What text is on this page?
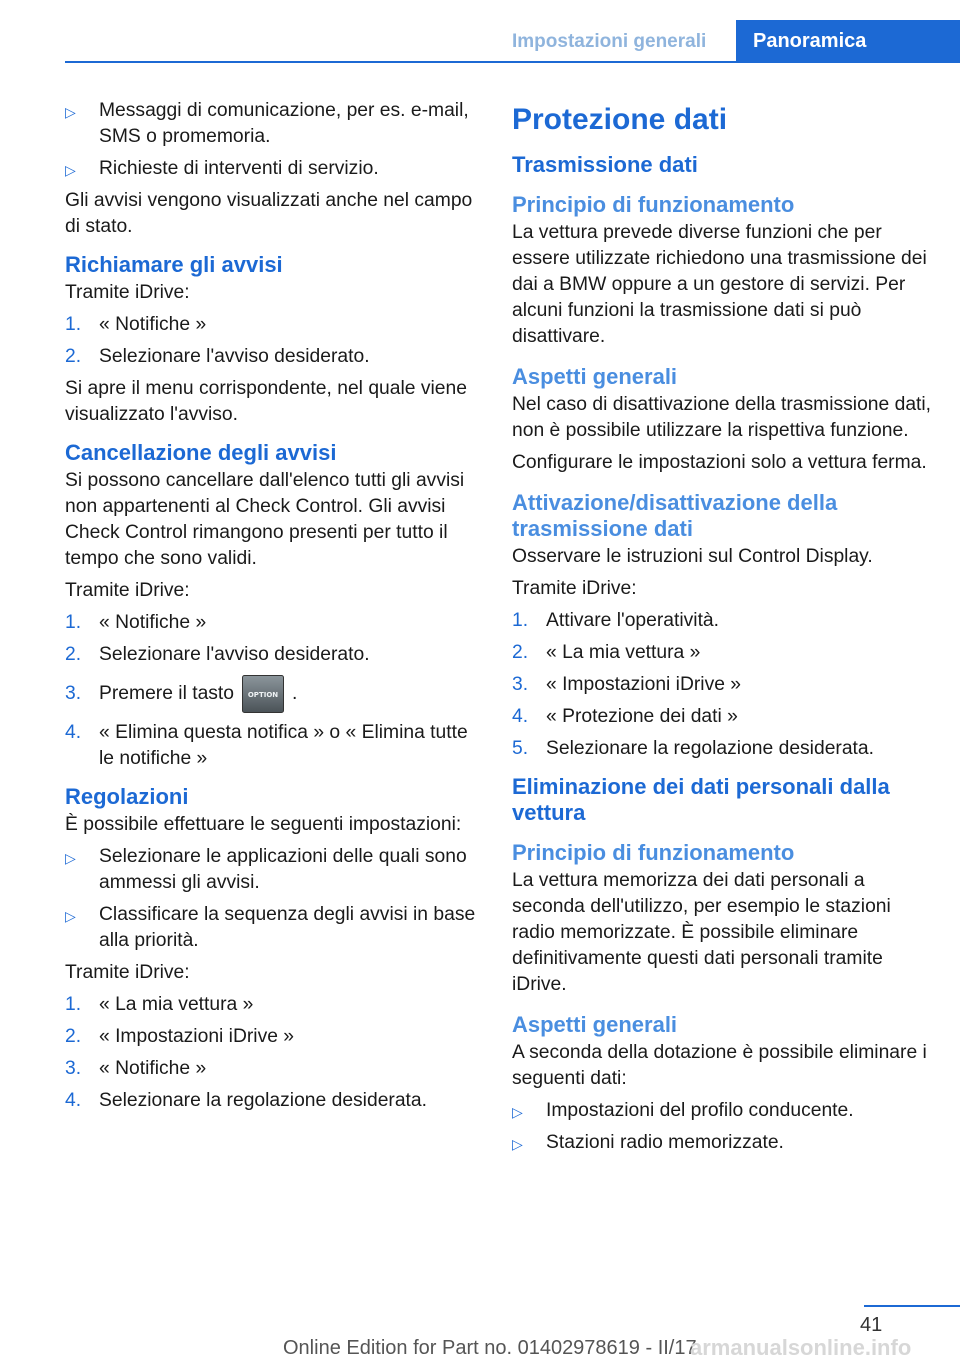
Impostazioni generali	Panoramica
▷ Messaggi di comunicazione, per es. e-mail, SMS o promemoria.
▷ Richieste di interventi di servizio.

Gli avvisi vengono visualizzati anche nel campo di stato.

Richiamare gli avvisi

Tramite iDrive:

1. « Notifiche »
2. Selezionare l'avviso desiderato.

Si apre il menu corrispondente, nel quale viene visualizzato l'avviso.

Cancellazione degli avvisi

Si possono cancellare dall'elenco tutti gli avvisi non appartenenti al Check Control. Gli avvisi Check Control rimangono presenti per tutto il tempo che sono validi.

Tramite iDrive:

1. « Notifiche »
2. Selezionare l'avviso desiderato.
3. Premere il tasto OPTION .
4. « Elimina questa notifica » o « Elimina tutte le notifiche »
Regolazioni

È possibile effettuare le seguenti impostazioni:

▷ Selezionare le applicazioni delle quali sono ammessi gli avvisi.
▷ Classificare la sequenza degli avvisi in base alla priorità.

Tramite iDrive:

1. « La mia vettura »
2. « Impostazioni iDrive »
3. « Notifiche »
4. Selezionare la regolazione desiderata.
Protezione dati
Trasmissione dati
Principio di funzionamento

La vettura prevede diverse funzioni che per essere utilizzate richiedono una trasmissione dei dai a BMW oppure a un gestore di servizi. Per alcuni funzioni la trasmissione dati si può disattivare.

Aspetti generali

Nel caso di disattivazione della trasmissione dati, non è possibile utilizzare la rispettiva funzione.

Configurare le impostazioni solo a vettura ferma.

Attivazione/disattivazione della trasmissione dati

Osservare le istruzioni sul Control Display.

Tramite iDrive:

1. Attivare l'operatività.
2. « La mia vettura »
3. « Impostazioni iDrive »
4. « Protezione dei dati »
5. Selezionare la regolazione desiderata.
Eliminazione dei dati personali dalla vettura
Principio di funzionamento

La vettura memorizza dei dati personali a seconda dell'utilizzo, per esempio le stazioni radio memorizzate. È possibile eliminare definitivamente questi dati personali tramite iDrive.

Aspetti generali

A seconda della dotazione è possibile eliminare i seguenti dati:

▷ Impostazioni del profilo conducente.
▷ Stazioni radio memorizzate.
41
Online Edition for Part no. 01402978619 - II/17
armanualsonline.info
